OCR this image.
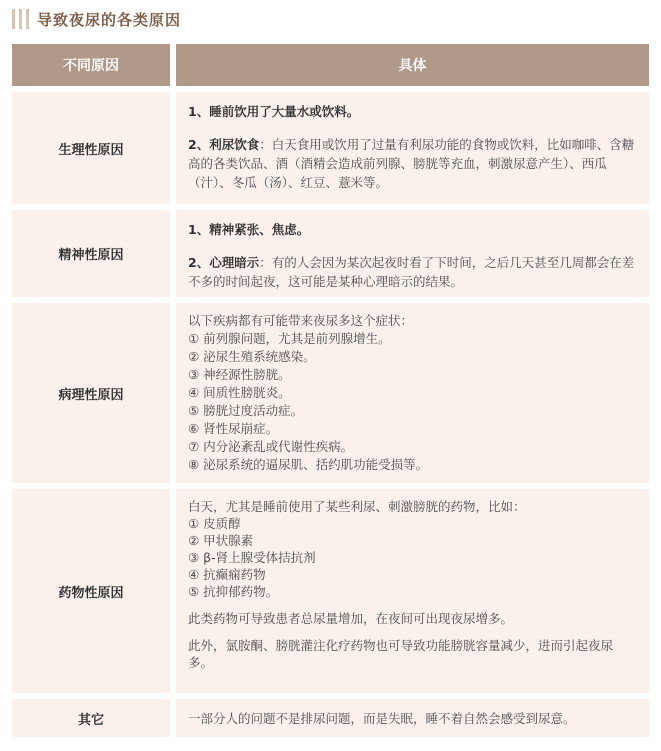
导致夜尿的各类原因
不同原因	具体
生理性原因

1、睡前饮用了大量水或饮料。

2、利尿饮食：白天食用或饮用了过量有利尿功能的食物或饮料，比如咖啡、含糖高的各类饮品、酒（酒精会造成前列腺、膀胱等充血，刺激尿意产生）、西瓜（汁）、冬瓜（汤）、红豆、薏米等。

精神性原因

1、精神紧张、焦虑。

2、心理暗示：有的人会因为某次起夜时看了下时间，之后几天甚至几周都会在差不多的时间起夜，这可能是某种心理暗示的结果。

病理性原因

以下疾病都有可能带来夜尿多这个症状：

① 前列腺问题，尤其是前列腺增生。
② 泌尿生殖系统感染。
③ 神经源性膀胱。
④ 间质性膀胱炎。
⑤ 膀胱过度活动症。
⑥ 肾性尿崩症。
⑦ 内分泌紊乱或代谢性疾病。
⑧ 泌尿系统的逼尿肌、括约肌功能受损等。
药物性原因

白天，尤其是睡前使用了某些利尿、刺激膀胱的药物，比如：

① 皮质醇
② 甲状腺素
③ β-肾上腺受体拮抗剂
④ 抗癫痫药物
⑤ 抗抑郁药物。

此类药物可导致患者总尿量增加，在夜间可出现夜尿增多。

此外，氯胺酮、膀胱灌注化疗药物也可导致功能膀胱容量减少，进而引起夜尿多。

其它	一部分人的问题不是排尿问题，而是失眠，睡不着自然会感受到尿意。
